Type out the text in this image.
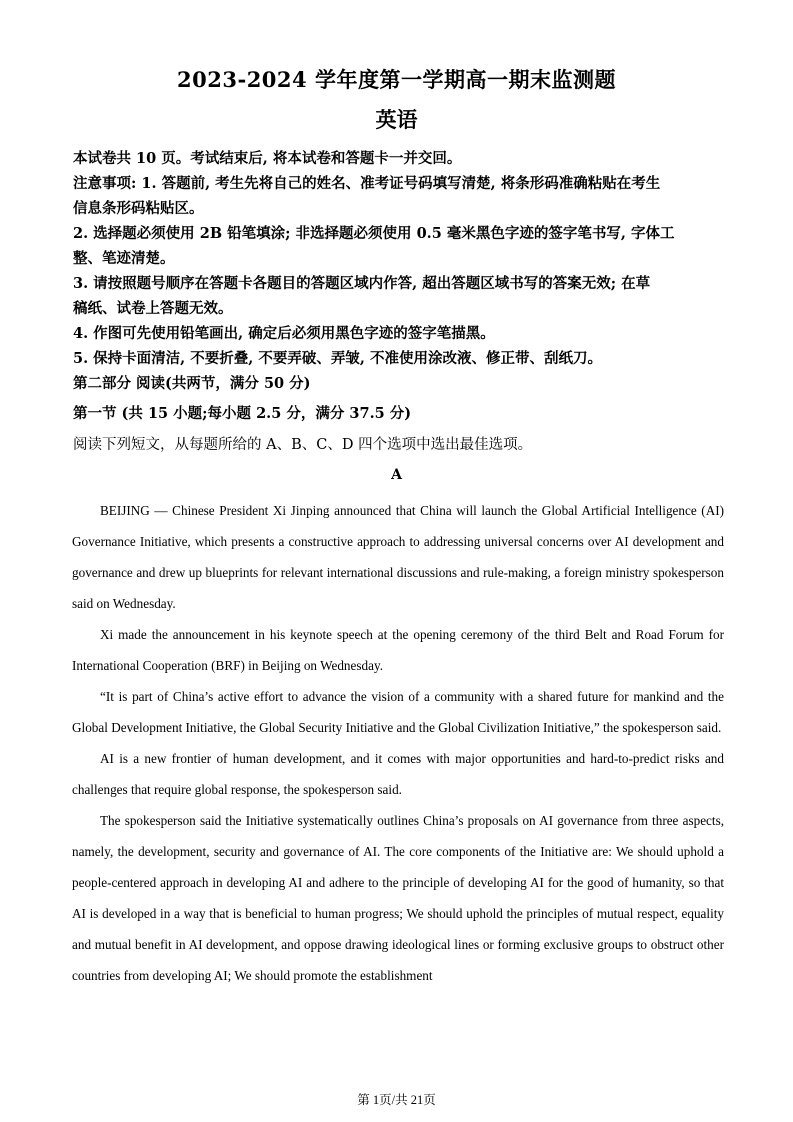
2023-2024 学年度第一学期高一期末监测题
英语

本试卷共 10 页。考试结束后, 将本试卷和答题卡一并交回。

注意事项: 1. 答题前, 考生先将自己的姓名、准考证号码填写清楚, 将条形码准确粘贴在考生

信息条形码粘贴区。

2. 选择题必须使用 2B 铅笔填涂; 非选择题必须使用 0.5 毫米黑色字迹的签字笔书写, 字体工

整、笔迹清楚。

3. 请按照题号顺序在答题卡各题目的答题区域内作答, 超出答题区域书写的答案无效; 在草

稿纸、试卷上答题无效。

4. 作图可先使用铅笔画出, 确定后必须用黑色字迹的签字笔描黑。

5. 保持卡面清洁, 不要折叠, 不要弄破、弄皱, 不准使用涂改液、修正带、刮纸刀。

第二部分 阅读(共两节，满分 50 分)
第一节 (共 15 小题;每小题 2.5 分，满分 37.5 分)
阅读下列短文，从每题所给的 A、B、C、D 四个选项中选出最佳选项。
A

BEIJING — Chinese President Xi Jinping announced that China will launch the Global Artificial Intelligence (AI) Governance Initiative, which presents a constructive approach to addressing universal concerns over AI development and governance and drew up blueprints for relevant international discussions and rule-making, a foreign ministry spokesperson said on Wednesday.

Xi made the announcement in his keynote speech at the opening ceremony of the third Belt and Road Forum for International Cooperation (BRF) in Beijing on Wednesday.

“It is part of China’s active effort to advance the vision of a community with a shared future for mankind and the Global Development Initiative, the Global Security Initiative and the Global Civilization Initiative,” the spokesperson said.

AI is a new frontier of human development, and it comes with major opportunities and hard-to-predict risks and challenges that require global response, the spokesperson said.

The spokesperson said the Initiative systematically outlines China’s proposals on AI governance from three aspects, namely, the development, security and governance of AI. The core components of the Initiative are: We should uphold a people-centered approach in developing AI and adhere to the principle of developing AI for the good of humanity, so that AI is developed in a way that is beneficial to human progress; We should uphold the principles of mutual respect, equality and mutual benefit in AI development, and oppose drawing ideological lines or forming exclusive groups to obstruct other countries from developing AI; We should promote the establishment

第 1页/共 21页
